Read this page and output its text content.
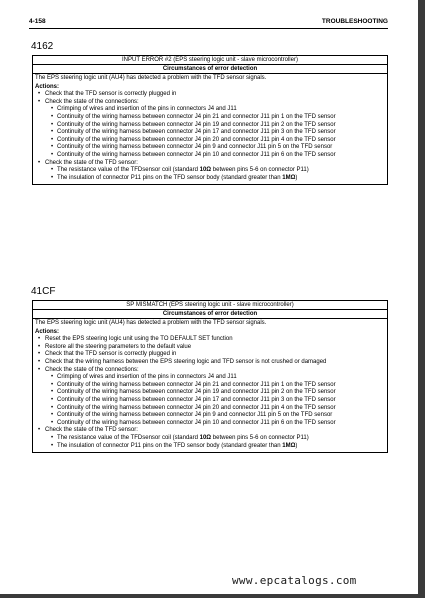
4-158	TROUBLESHOOTING
4162
INPUT ERROR #2 (EPS steering logic unit - slave microcontroller)
Circumstances of error detection

The EPS steering logic unit (AU4) has detected a problem with the TFD sensor signals.

Actions:
• Check that the TFD sensor is correctly plugged in
• Check the state of the connections:
• Crimping of wires and insertion of the pins in connectors J4 and J11
• Continuity of the wiring harness between connector J4 pin 21 and connector J11 pin 1 on the TFD sensor
• Continuity of the wiring harness between connector J4 pin 19 and connector J11 pin 2 on the TFD sensor
• Continuity of the wiring harness between connector J4 pin 17 and connector J11 pin 3 on the TFD sensor
• Continuity of the wiring harness between connector J4 pin 20 and connector J11 pin 4 on the TFD sensor
• Continuity of the wiring harness between connector J4 pin 9 and connector J11 pin 5 on the TFD sensor
• Continuity of the wiring harness between connector J4 pin 10 and connector J11 pin 6 on the TFD sensor
• Check the state of the TFD sensor:
• The resistance value of the TFDsensor coil (standard 10Ω between pins 5-6 on connector P11)
• The insulation of connector P11 pins on the TFD sensor body (standard greater than 1MΩ)
41CF
SP MISMATCH (EPS steering logic unit - slave microcontroller)
Circumstances of error detection

The EPS steering logic unit (AU4) has detected a problem with the TFD sensor signals.

Actions:
• Reset the EPS steering logic unit using the TO DEFAULT SET function
• Restore all the steering parameters to the default value
• Check that the TFD sensor is correctly plugged in
• Check that the wiring harness between the EPS steering logic and TFD sensor is not crushed or damaged
• Check the state of the connections:
• Crimping of wires and insertion of the pins in connectors J4 and J11
• Continuity of the wiring harness between connector J4 pin 21 and connector J11 pin 1 on the TFD sensor
• Continuity of the wiring harness between connector J4 pin 19 and connector J11 pin 2 on the TFD sensor
• Continuity of the wiring harness between connector J4 pin 17 and connector J11 pin 3 on the TFD sensor
• Continuity of the wiring harness between connector J4 pin 20 and connector J11 pin 4 on the TFD sensor
• Continuity of the wiring harness between connector J4 pin 9 and connector J11 pin 5 on the TFD sensor
• Continuity of the wiring harness between connector J4 pin 10 and connector J11 pin 6 on the TFD sensor
• Check the state of the TFD sensor:
• The resistance value of the TFDsensor coil (standard 10Ω between pins 5-6 on connector P11)
• The insulation of connector P11 pins on the TFD sensor body (standard greater than 1MΩ)
www.epcatalogs.com
